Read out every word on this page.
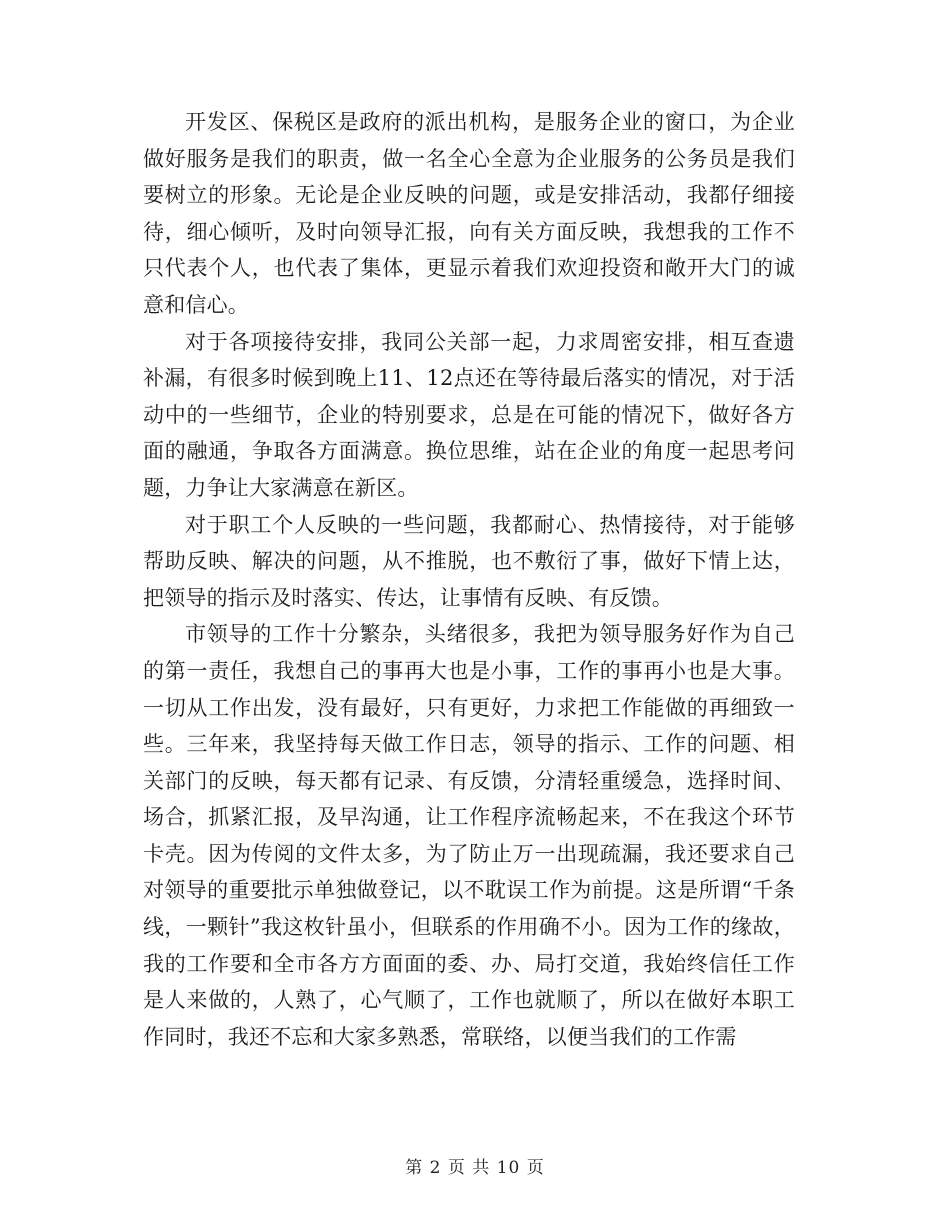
开发区、保税区是政府的派出机构，是服务企业的窗口，为企业做好服务是我们的职责，做一名全心全意为企业服务的公务员是我们要树立的形象。无论是企业反映的问题，或是安排活动，我都仔细接待，细心倾听，及时向领导汇报，向有关方面反映，我想我的工作不只代表个人，也代表了集体，更显示着我们欢迎投资和敞开大门的诚意和信心。

对于各项接待安排，我同公关部一起，力求周密安排，相互查遗补漏，有很多时候到晚上11、12点还在等待最后落实的情况，对于活动中的一些细节，企业的特别要求，总是在可能的情况下，做好各方面的融通，争取各方面满意。换位思维，站在企业的角度一起思考问题，力争让大家满意在新区。

对于职工个人反映的一些问题，我都耐心、热情接待，对于能够帮助反映、解决的问题，从不推脱，也不敷衍了事，做好下情上达，把领导的指示及时落实、传达，让事情有反映、有反馈。

市领导的工作十分繁杂，头绪很多，我把为领导服务好作为自己的第一责任，我想自己的事再大也是小事，工作的事再小也是大事。一切从工作出发，没有最好，只有更好，力求把工作能做的再细致一些。三年来，我坚持每天做工作日志，领导的指示、工作的问题、相关部门的反映，每天都有记录、有反馈，分清轻重缓急，选择时间、场合，抓紧汇报，及早沟通，让工作程序流畅起来，不在我这个环节卡壳。因为传阅的文件太多，为了防止万一出现疏漏，我还要求自己对领导的重要批示单独做登记，以不耽误工作为前提。这是所谓“千条线，一颗针”我这枚针虽小，但联系的作用确不小。因为工作的缘故，我的工作要和全市各方方面面的委、办、局打交道，我始终信任工作是人来做的，人熟了，心气顺了，工作也就顺了，所以在做好本职工作同时，我还不忘和大家多熟悉，常联络，以便当我们的工作需

第 2 页 共 10 页
